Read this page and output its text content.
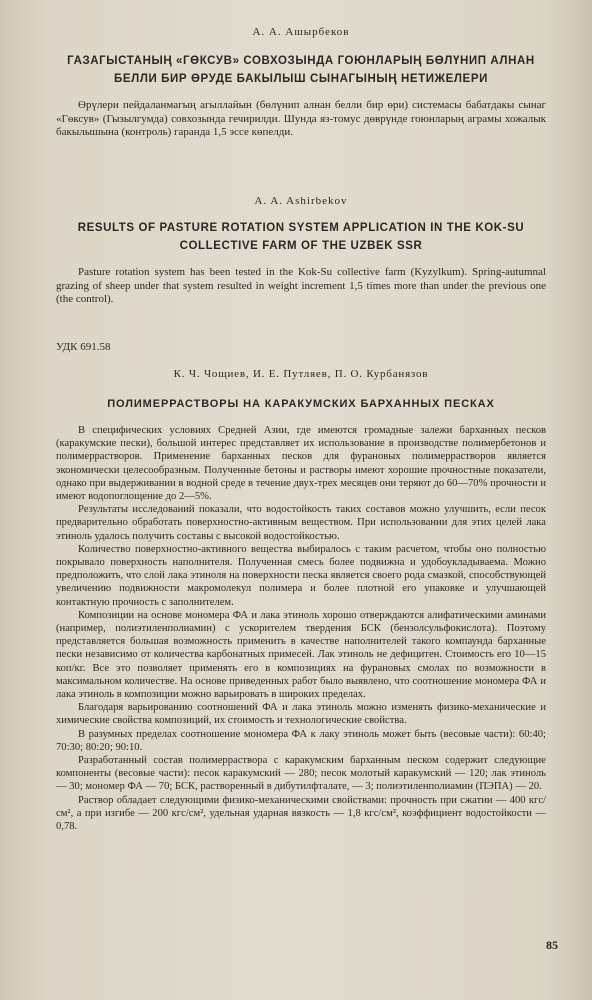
А. А. Ашырбеков

ГАЗАГЫСТАНЫҢ «ГӨКСУВ» СОВХОЗЫНДА ГОЮНЛАРЫҢ БӨЛҮНИП АЛНАН БЕЛЛИ БИР ӨРУДЕ БАКЫЛЫШ СЫНАГЫНЫҢ НЕТИЖЕЛЕРИ

Өрүлери пейдаланмагың агыллайын (бөлүнип алнан белли бир өри) системасы бабатдакы сынаг «Гөксув» (Гызылгумда) совхозында гечирилди. Шунда яз-томус дөврүнде гоюнларың аграмы хожалык бакылышына (контроль) гаранда 1,5 эссе көпелди.

A. A. Ashirbekov

RESULTS OF PASTURE ROTATION SYSTEM APPLICATION IN THE KOK-SU COLLECTIVE FARM OF THE UZBEK SSR

Pasture rotation system has been tested in the Kok-Su collective farm (Kyzylkum). Spring-autumnal grazing of sheep under that system resulted in weight increment 1,5 times more than under the previous one (the control).

УДК 691.58

К. Ч. Чощиев, И. Е. Путляев, П. О. Курбанязов

ПОЛИМЕРРАСТВОРЫ НА КАРАКУМСКИХ БАРХАННЫХ ПЕСКАХ

В специфических условиях Средней Азии, где имеются громадные залежи барханных песков (каракумские пески), большой интерес представляет их использование в производстве полимербетонов и полимеррастворов. Применение барханных песков для фурановых полимеррастворов является экономически целесообразным. Полученные бетоны и растворы имеют хорошие прочностные показатели, однако при выдерживании в водной среде в течение двух-трех месяцев они теряют до 60—70% прочности и имеют водопоглощение до 2—5%.

Результаты исследований показали, что водостойкость таких составов можно улучшить, если песок предварительно обработать поверхностно-активным веществом. При использовании для этих целей лака этиноль удалось получить составы с высокой водостойкостью.

Количество поверхностно-активного вещества выбиралось с таким расчетом, чтобы оно полностью покрывало поверхность наполнителя. Полученная смесь более подвижна и удобоукладываема. Можно предположить, что слой лака этиноля на поверхности песка является своего рода смазкой, способствующей увеличению подвижности макромолекул полимера и более плотной его упаковке и улучшающей контактную прочность с заполнителем.

Композиции на основе мономера ФА и лака этиноль хорошо отверждаются алифатическими аминами (например, полиэтиленполиамин) с ускорителем твердения БСК (бензолсульфокислота). Поэтому представляется большая возможность применить в качестве наполнителей такого компаунда барханные пески независимо от количества карбонатных примесей. Лак этиноль не дефицитен. Стоимость его 10—15 коп/кг. Все это позволяет применять его в композициях на фурановых смолах по возможности в максимальном количестве. На основе приведенных работ было выявлено, что соотношение мономера ФА и лака этиноль в композиции можно варьировать в широких пределах.

Благодаря варьированию соотношений ФА и лака этиноль можно изменять физико-механические и химические свойства композиций, их стоимость и технологические свойства.

В разумных пределах соотношение мономера ФА к лаку этиноль может быть (весовые части): 60:40; 70:30; 80:20; 90:10.

Разработанный состав полимерраствора с каракумским барханным песком содержит следующие компоненты (весовые части): песок каракумский — 280; песок молотый каракумский — 120; лак этиноль — 30; мономер ФА — 70; БСК, растворенный в дибутилфталате, — 3; полиэтиленполиамин (ПЭПА) — 20.

Раствор обладает следующими физико-механическими свойствами: прочность при сжатии — 400 кгс/см², а при изгибе — 200 кгс/см², удельная ударная вязкость — 1,8 кгс/см², коэффициент водостойкости — 0,78.

85
